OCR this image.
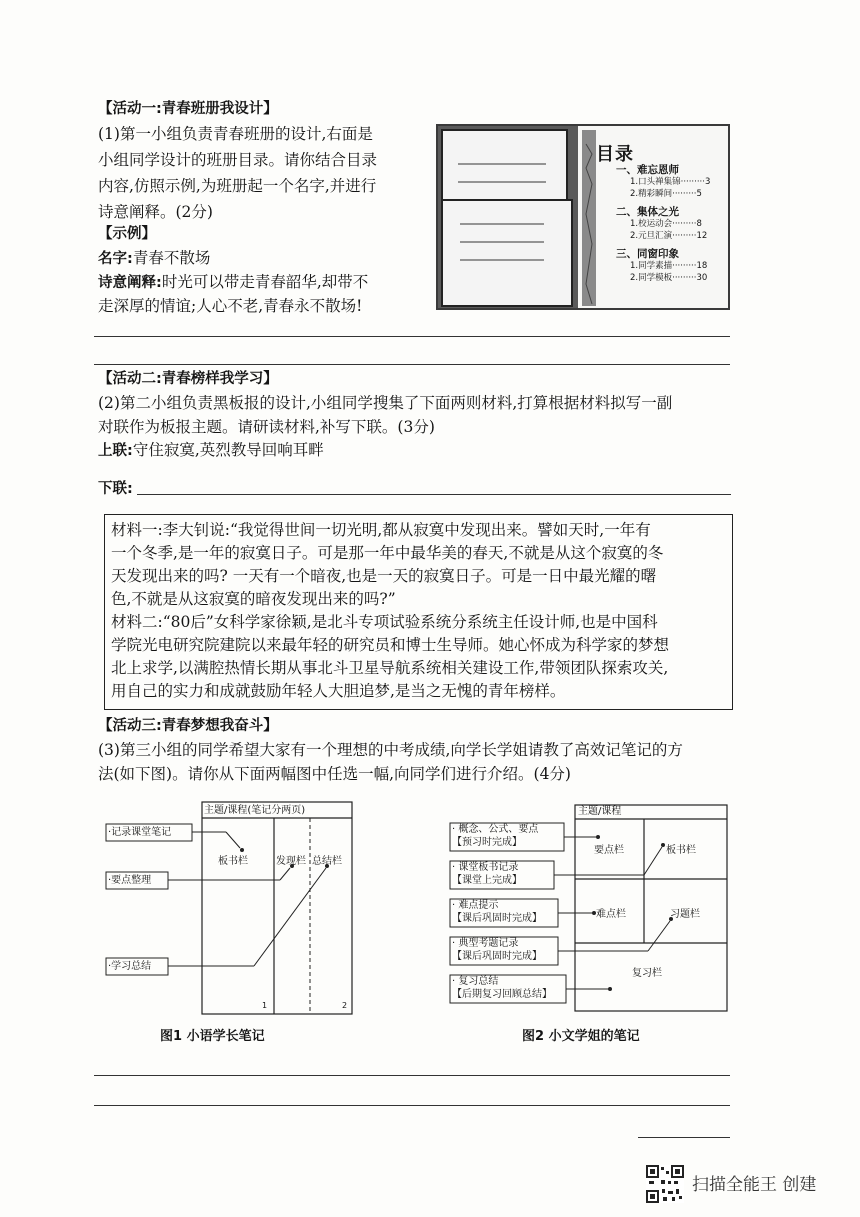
【活动一:青春班册我设计】
(1)第一小组负责青春班册的设计,右面是
小组同学设计的班册目录。请你结合目录
内容,仿照示例,为班册起一个名字,并进行
诗意阐释。(2分)
【示例】
名字:青春不散场
诗意阐释:时光可以带走青春韶华,却带不
走深厚的情谊;人心不老,青春永不散场!
目录
一、难忘恩师
1.口头禅集锦·········3
2.精彩瞬间·········5
二、集体之光
1.校运动会·········8
2.元旦汇演·········12
三、同窗印象
1.同学素描·········18
2.同学模板·········30
【活动二:青春榜样我学习】
(2)第二小组负责黑板报的设计,小组同学搜集了下面两则材料,打算根据材料拟写一副
对联作为板报主题。请研读材料,补写下联。(3分)
上联:守住寂寞,英烈教导回响耳畔
下联:
材料一:李大钊说:“我觉得世间一切光明,都从寂寞中发现出来。譬如天时,一年有
一个冬季,是一年的寂寞日子。可是那一年中最华美的春天,不就是从这个寂寞的冬
天发现出来的吗? 一天有一个暗夜,也是一天的寂寞日子。可是一日中最光耀的曙
色,不就是从这寂寞的暗夜发现出来的吗?”
材料二:“80后”女科学家徐颖,是北斗专项试验系统分系统主任设计师,也是中国科
学院光电研究院建院以来最年轻的研究员和博士生导师。她心怀成为科学家的梦想
北上求学,以满腔热情长期从事北斗卫星导航系统相关建设工作,带领团队探索攻关,
用自己的实力和成就鼓励年轻人大胆追梦,是当之无愧的青年榜样。
【活动三:青春梦想我奋斗】
(3)第三小组的同学希望大家有一个理想的中考成绩,向学长学姐请教了高效记笔记的方
法(如下图)。请你从下面两幅图中任选一幅,向同学们进行介绍。(4分)
主题/课程(笔记分两页)
·记录课堂笔记
·要点整理
·学习总结
板书栏	发现栏 总结栏
1	2
图1 小语学长笔记
主题/课程
· 概念、公式、要点
【预习时完成】
· 课堂板书记录
【课堂上完成】
· 难点提示
【课后巩固时完成】
· 典型考题记录
【课后巩固时完成】
· 复习总结
【后期复习回顾总结】
要点栏	板书栏
难点栏	习题栏
复习栏
图2 小文学姐的笔记
扫描全能王 创建
